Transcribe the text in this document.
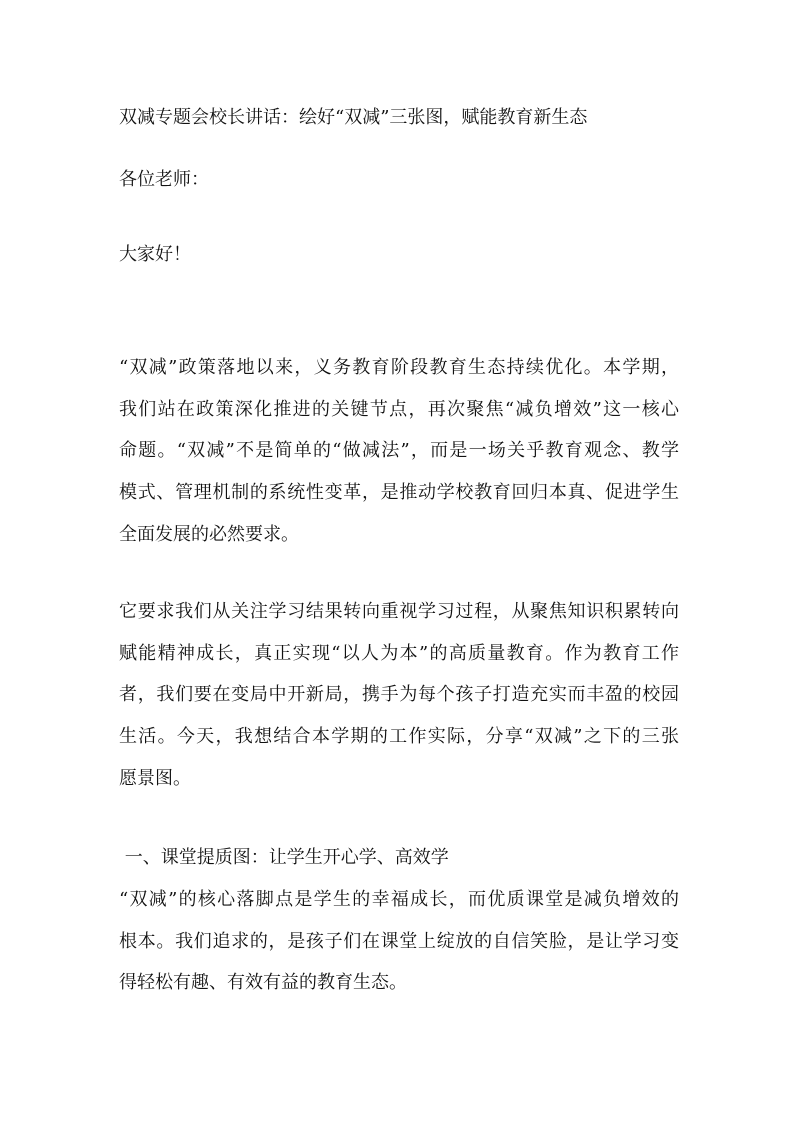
双减专题会校长讲话：绘好“双减”三张图，赋能教育新生态
各位老师：
大家好！
“双减”政策落地以来，义务教育阶段教育生态持续优化。本学期，
我们站在政策深化推进的关键节点，再次聚焦“减负增效”这一核心
命题。“双减”不是简单的“做减法”，而是一场关乎教育观念、教学
模式、管理机制的系统性变革，是推动学校教育回归本真、促进学生
全面发展的必然要求。
它要求我们从关注学习结果转向重视学习过程，从聚焦知识积累转向
赋能精神成长，真正实现“以人为本”的高质量教育。作为教育工作
者，我们要在变局中开新局，携手为每个孩子打造充实而丰盈的校园
生活。今天，我想结合本学期的工作实际，分享“双减”之下的三张
愿景图。
一、课堂提质图：让学生开心学、高效学
“双减”的核心落脚点是学生的幸福成长，而优质课堂是减负增效的
根本。我们追求的，是孩子们在课堂上绽放的自信笑脸，是让学习变
得轻松有趣、有效有益的教育生态。
